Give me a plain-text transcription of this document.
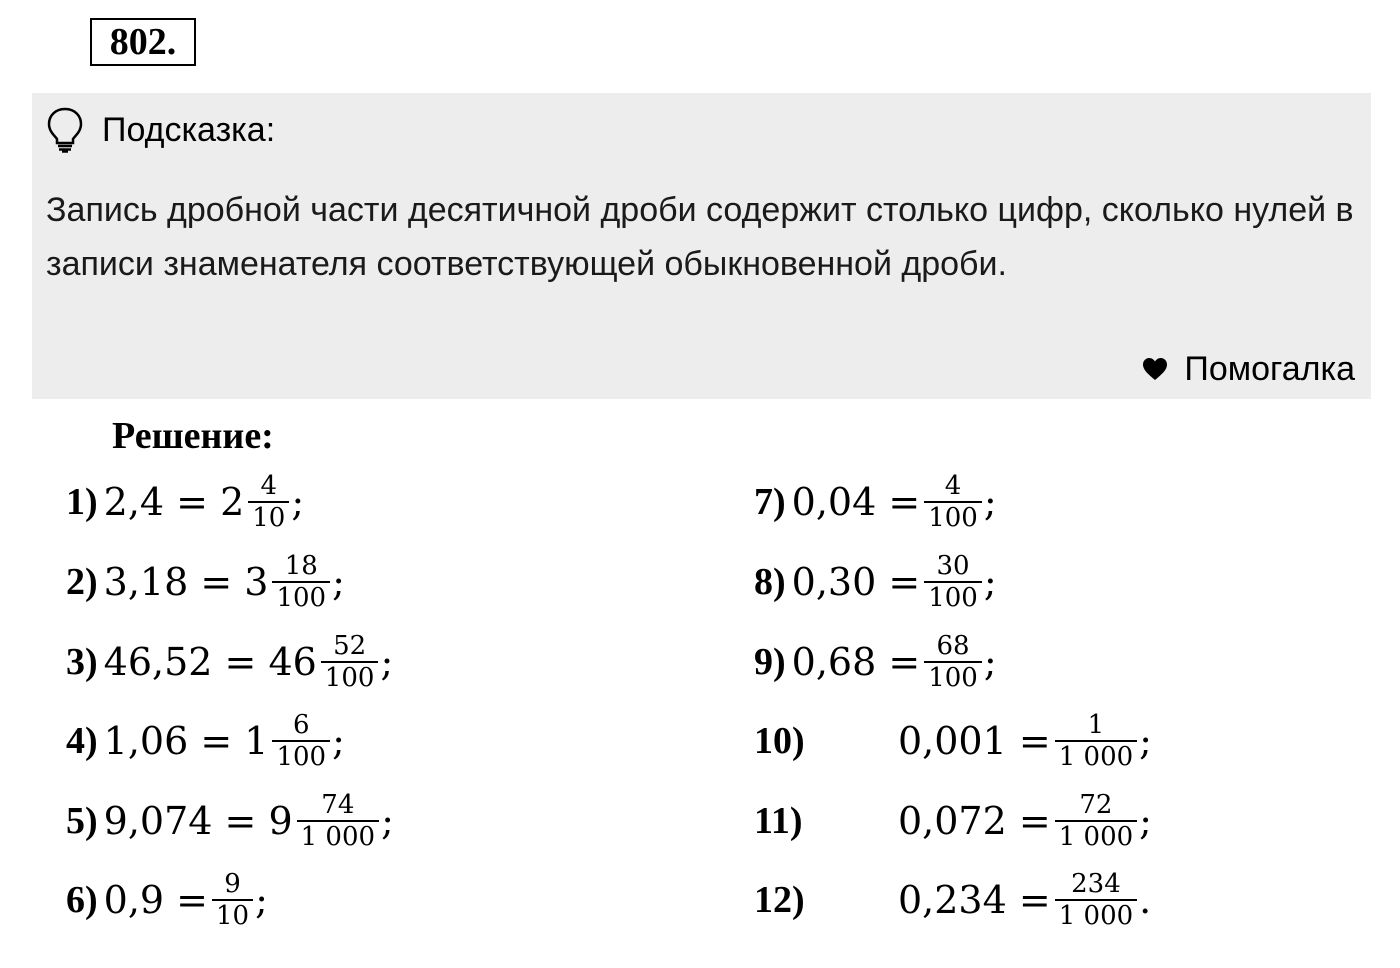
802.
Подсказка:

Запись дробной части десятичной дроби содержит столько цифр, сколько нулей в записи знаменателя соответствующей обыкновенной дроби.

Помогалка
Решение:
1) $2,4 = 2 \frac{4}{10}$ ;
2) $3,18 = 3 \frac{18}{100}$ ;
3) $46,52 = 46 \frac{52}{100}$ ;
4) $1,06 = 1 \frac{6}{100}$ ;
5) $9,074 = 9 \frac{74}{1 000}$ ;
6) $0,9 = \frac{9}{10}$ ;
7) $0,04 = \frac{4}{100}$ ;
8) $0,30 = \frac{30}{100}$ ;
9) $0,68 = \frac{68}{100}$ ;
10)	$0,001 = \frac{1}{1 000}$ ;
11)	$0,072 = \frac{72}{1 000}$ ;
12)	$0,234 = \frac{234}{1 000}$ .
